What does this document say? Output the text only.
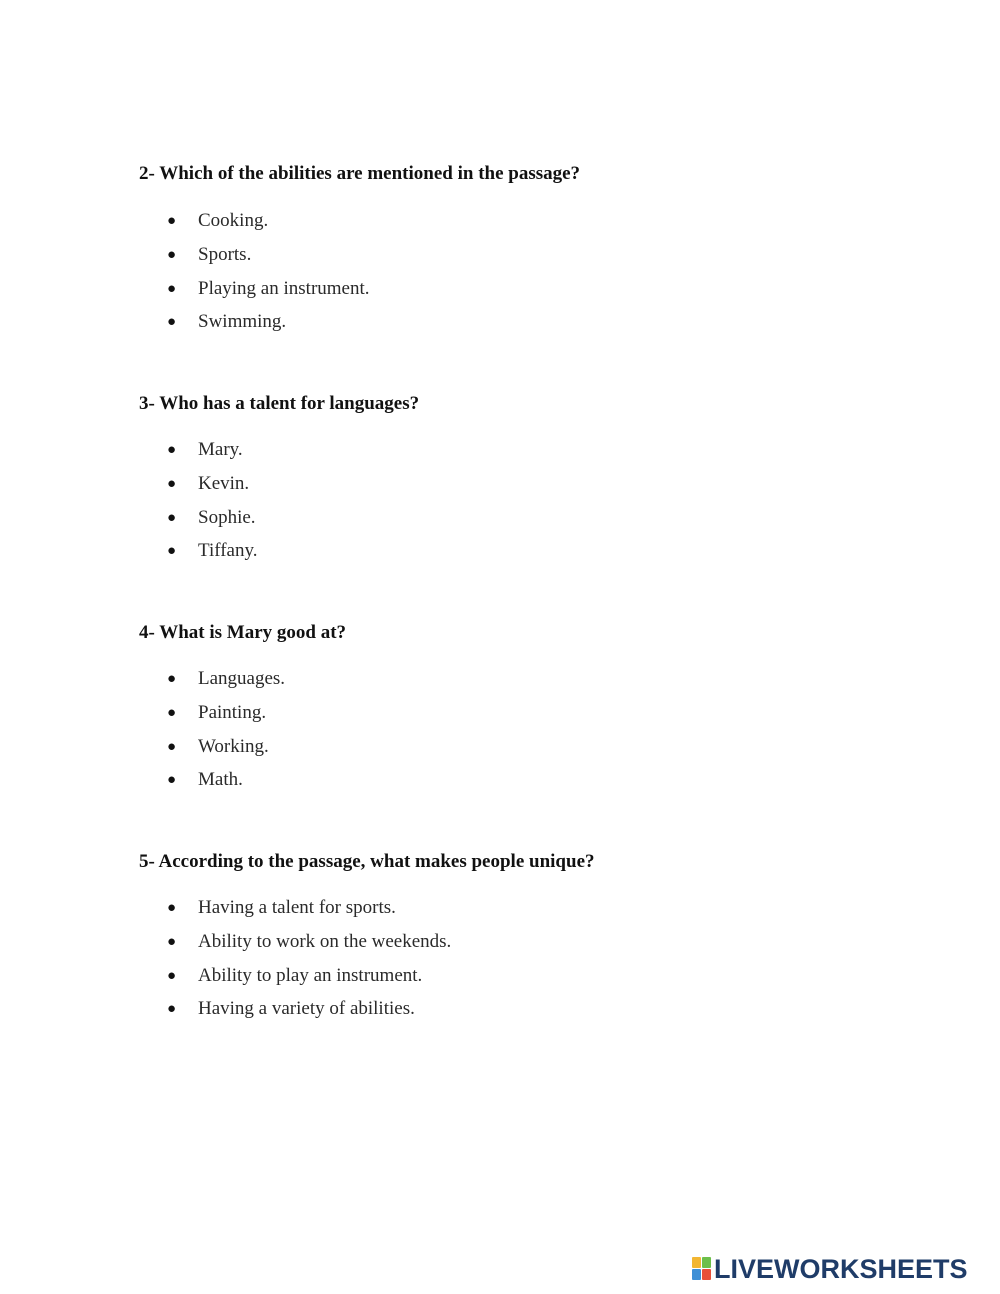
2- Which of the abilities are mentioned in the passage?

● Cooking.
● Sports.
● Playing an instrument.
● Swimming.

3- Who has a talent for languages?

● Mary.
● Kevin.
● Sophie.
● Tiffany.

4- What is Mary good at?

● Languages.
● Painting.
● Working.
● Math.

5- According to the passage, what makes people unique?

● Having a talent for sports.
● Ability to work on the weekends.
● Ability to play an instrument.
● Having a variety of abilities.
LIVEWORKSHEETS
